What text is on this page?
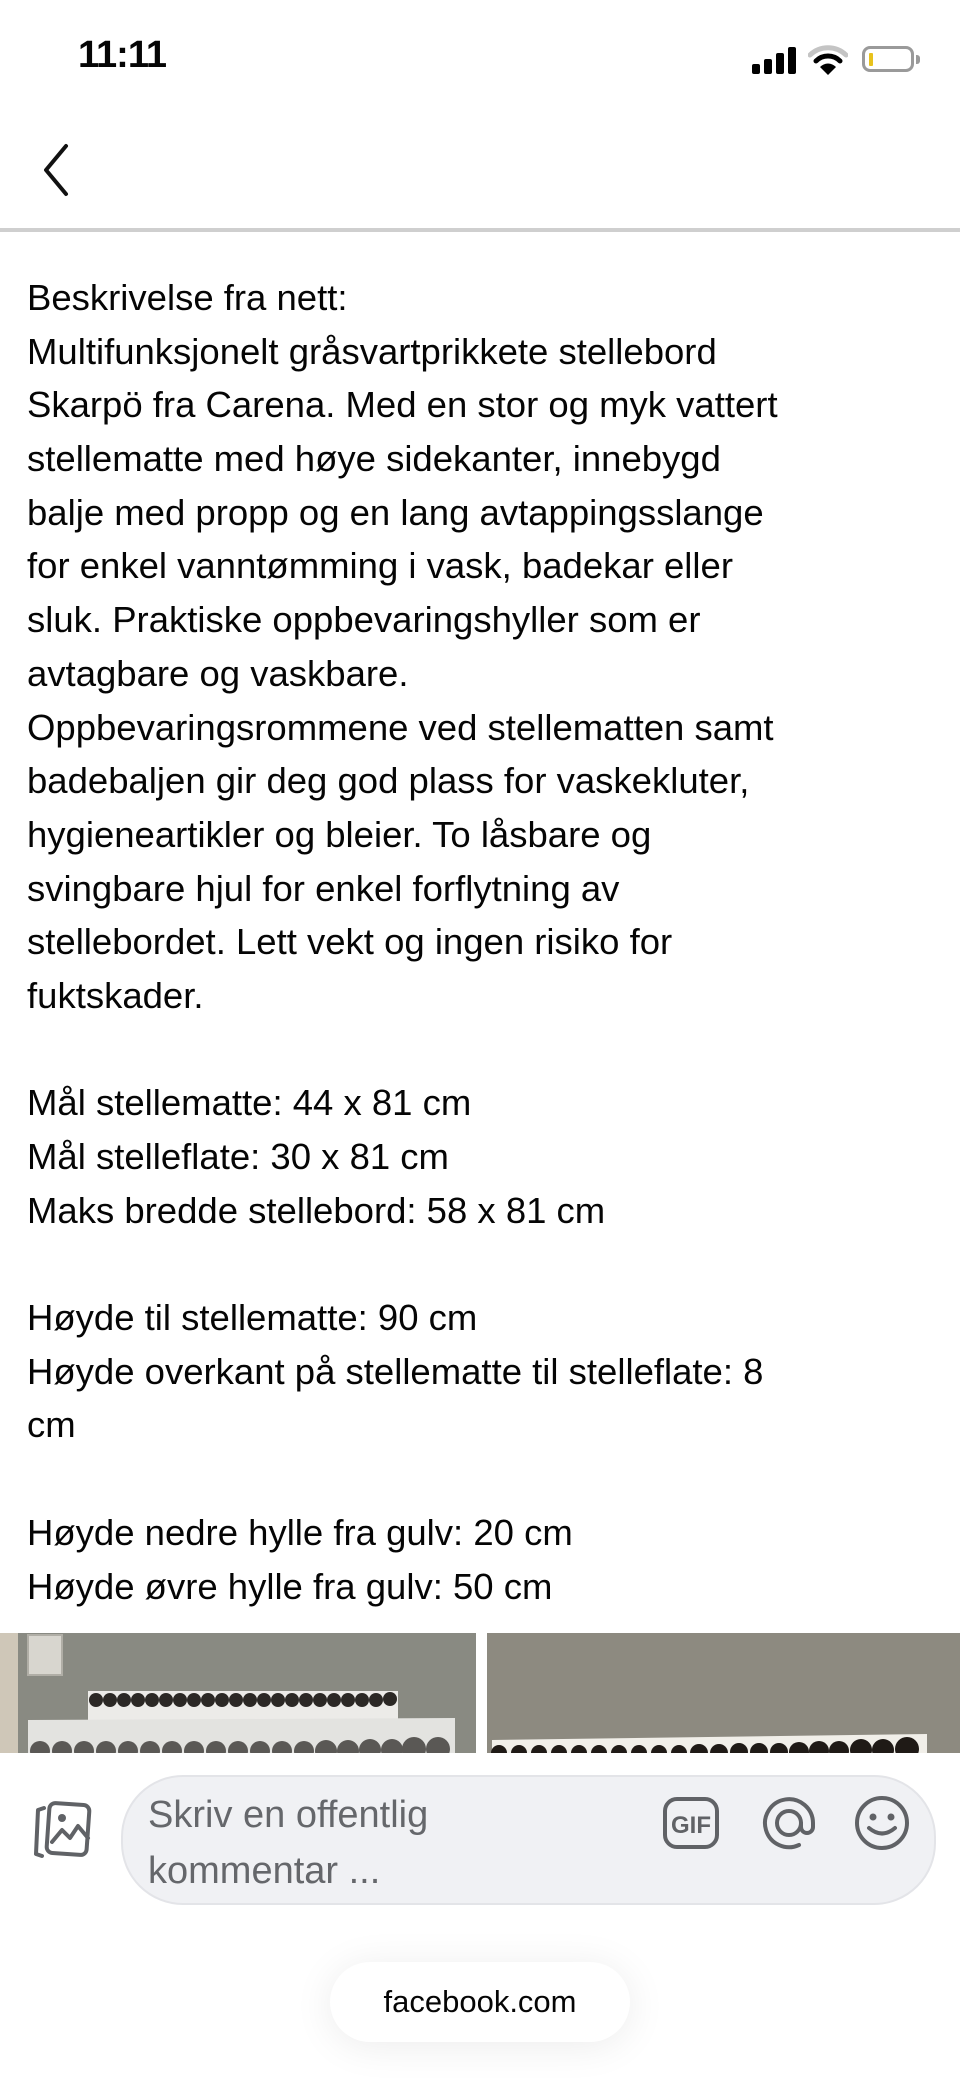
11:11
Beskrivelse fra nett:
Multifunksjonelt gråsvartprikkete stellebord
Skarpö fra Carena. Med en stor og myk vattert
stellematte med høye sidekanter, innebygd
balje med propp og en lang avtappingsslange
for enkel vanntømming i vask, badekar eller
sluk. Praktiske oppbevaringshyller som er
avtagbare og vaskbare.
Oppbevaringsrommene ved stellematten samt
badebaljen gir deg god plass for vaskekluter,
hygieneartikler og bleier. To låsbare og
svingbare hjul for enkel forflytning av
stellebordet. Lett vekt og ingen risiko for
fuktskader.
Mål stellematte: 44 x 81 cm
Mål stelleflate: 30 x 81 cm
Maks bredde stellebord: 58 x 81 cm
Høyde til stellematte: 90 cm
Høyde overkant på stellematte til stelleflate: 8
cm
Høyde nedre hylle fra gulv: 20 cm
Høyde øvre hylle fra gulv: 50 cm
Skriv en offentlig
kommentar ...
GIF
facebook.com
